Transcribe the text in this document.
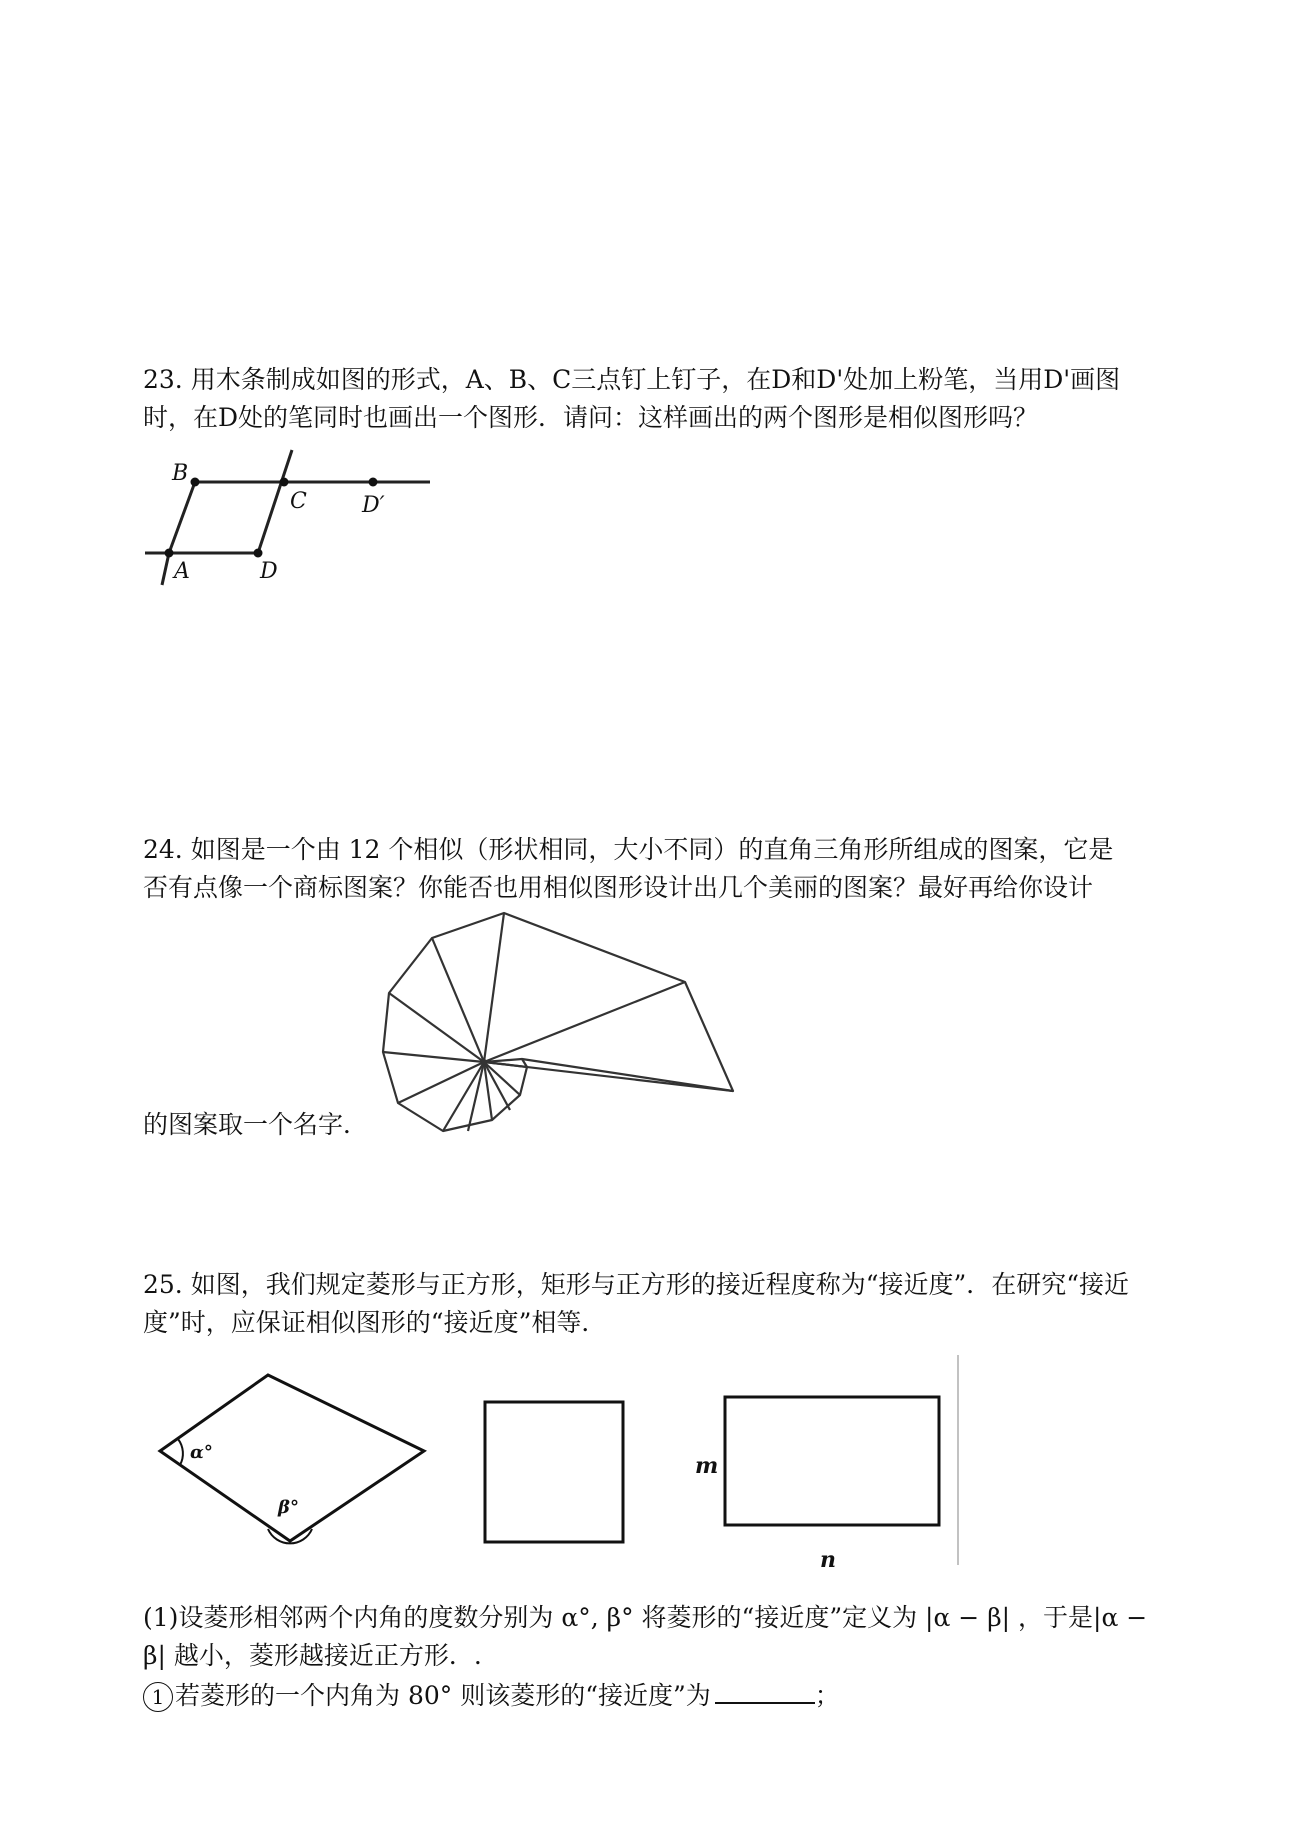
23. 用木条制成如图的形式，A、B、C三点钉上钉子，在D和D'处加上粉笔，当用D'画图
时，在D处的笔同时也画出一个图形．请问：这样画出的两个图形是相似图形吗？
B
C	D′
A	D
24. 如图是一个由 12 个相似（形状相同，大小不同）的直角三角形所组成的图案，它是
否有点像一个商标图案？你能否也用相似图形设计出几个美丽的图案？最好再给你设计
的图案取一个名字．
25. 如图，我们规定菱形与正方形，矩形与正方形的接近程度称为“接近度”．在研究“接近
度”时，应保证相似图形的“接近度”相等．
α°
β°
m
n
(1)设菱形相邻两个内角的度数分别为 α°, β° 将菱形的“接近度”定义为 |α − β| ，于是|α −
β| 越小，菱形越接近正方形．.
1 若菱形的一个内角为 80° 则该菱形的“接近度”为	；
